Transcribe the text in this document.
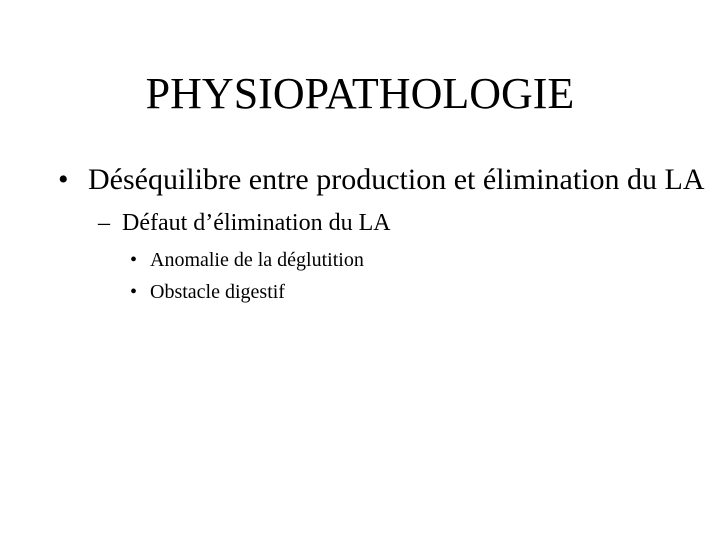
PHYSIOPATHOLOGIE
• Déséquilibre entre production et élimination du LA
– Défaut d’élimination du LA
• Anomalie de la déglutition
• Obstacle digestif
